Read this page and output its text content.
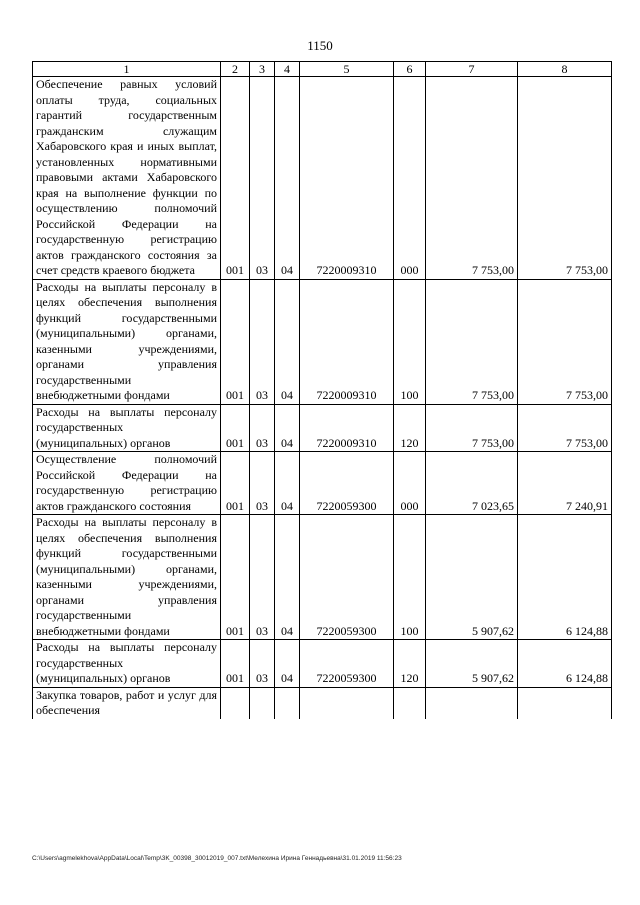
1150
1	2	3	4	5	6	7	8
Обеспечение равных условий оплаты труда, социальных гарантий государственным гражданским служащим Хабаровского края и иных выплат, установленных нормативными правовыми актами Хабаровского края на выполнение функции по осуществлению полномочий Российской Федерации на государственную регистрацию актов гражданского состояния за счет средств краевого бюджета	001	03	04	7220009310	000	7 753,00	7 753,00
Расходы на выплаты персоналу в целях обеспечения выполнения функций государственными (муниципальными) органами, казенными учреждениями, органами управления государственными внебюджетными фондами	001	03	04	7220009310	100	7 753,00	7 753,00
Расходы на выплаты персоналу государственных (муниципальных) органов	001	03	04	7220009310	120	7 753,00	7 753,00
Осуществление полномочий Российской Федерации на государственную регистрацию актов гражданского состояния	001	03	04	7220059300	000	7 023,65	7 240,91
Расходы на выплаты персоналу в целях обеспечения выполнения функций государственными (муниципальными) органами, казенными учреждениями, органами управления государственными внебюджетными фондами	001	03	04	7220059300	100	5 907,62	6 124,88
Расходы на выплаты персоналу государственных (муниципальных) органов	001	03	04	7220059300	120	5 907,62	6 124,88
Закупка товаров, работ и услуг для обеспечения							
C:\Users\agmelekhova\AppData\Local\Temp\3K_00398_30012019_007.txt\Мелехина Ирина Геннадьевна\31.01.2019 11:56:23
